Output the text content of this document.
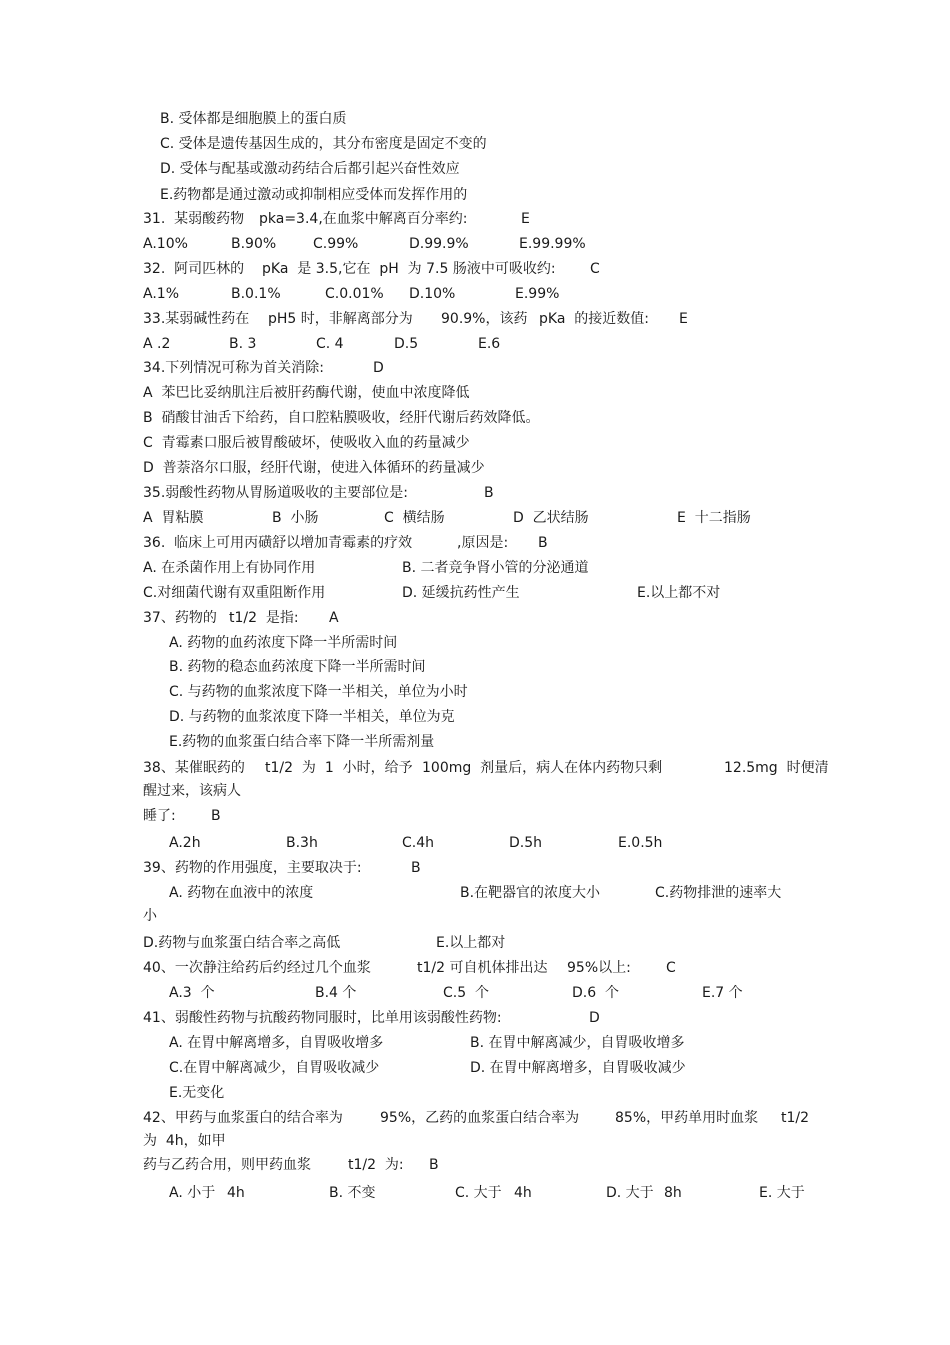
B. 受体都是细胞膜上的蛋白质
C. 受体是遗传基因生成的，其分布密度是固定不变的
D. 受体与配基或激动药结合后都引起兴奋性效应
E.药物都是通过激动或抑制相应受体而发挥作用的
31.  某弱酸药物 pka=3.4,在血浆中解离百分率约:	E
A.10%	B.90%	C.99%	D.99.9%	E.99.99%
32.  阿司匹林的 pKa  是 3.5,它在  pH  为 7.5 肠液中可吸收约: C
A.1%	B.0.1%	C.0.01% D.10%	E.99%
33.某弱碱性药在 pH5 时，非解离部分为 90.9%，该药 pKa  的接近数值: E
A .2	B. 3	C. 4	D.5	E.6
34.下列情况可称为首关消除:	D
A  苯巴比妥纳肌注后被肝药酶代谢，使血中浓度降低
B  硝酸甘油舌下给药，自口腔粘膜吸收，经肝代谢后药效降低。
C  青霉素口服后被胃酸破坏，使吸收入血的药量减少
D  普萘洛尔口服，经肝代谢，使进入体循环的药量减少
35.弱酸性药物从胃肠道吸收的主要部位是:	B
A  胃粘膜	B  小肠	C  横结肠	D  乙状结肠	E  十二指肠
36.  临床上可用丙磺舒以增加青霉素的疗效	,原因是: B
A. 在杀菌作用上有协同作用	B. 二者竞争肾小管的分泌通道
C.对细菌代谢有双重阻断作用	D. 延缓抗药性产生	E.以上都不对
37、药物的 t1/2  是指: A
A. 药物的血药浓度下降一半所需时间
B. 药物的稳态血药浓度下降一半所需时间
C. 与药物的血浆浓度下降一半相关，单位为小时
D. 与药物的血浆浓度下降一半相关，单位为克
E.药物的血浆蛋白结合率下降一半所需剂量
38、某催眠药的 t1/2  为  1  小时，给予 100mg  剂量后，病人在体内药物只剩	12.5mg  时便清
醒过来，该病人
睡了:	B
A.2h	B.3h	C.4h	D.5h	E.0.5h
39、药物的作用强度，主要取决于:	B
A. 药物在血液中的浓度	B.在靶器官的浓度大小	C.药物排泄的速率大
小
D.药物与血浆蛋白结合率之高低	E.以上都对
40、一次静注给药后约经过几个血浆	t1/2 可自机体排出达 95%以上:	C
A.3  个	B.4 个	C.5  个	D.6  个	E.7 个
41、弱酸性药物与抗酸药物同服时，比单用该弱酸性药物:	D
A. 在胃中解离增多，自胃吸收增多	B. 在胃中解离减少，自胃吸收增多
C.在胃中解离减少，自胃吸收减少	D. 在胃中解离增多，自胃吸收减少
E.无变化
42、甲药与血浆蛋白的结合率为	95%，乙药的血浆蛋白结合率为	85%，甲药单用时血浆 t1/2
为  4h，如甲
药与乙药合用，则甲药血浆	t1/2  为: B
A. 小于 4h	B. 不变	C. 大于 4h	D. 大于 8h	E. 大于
